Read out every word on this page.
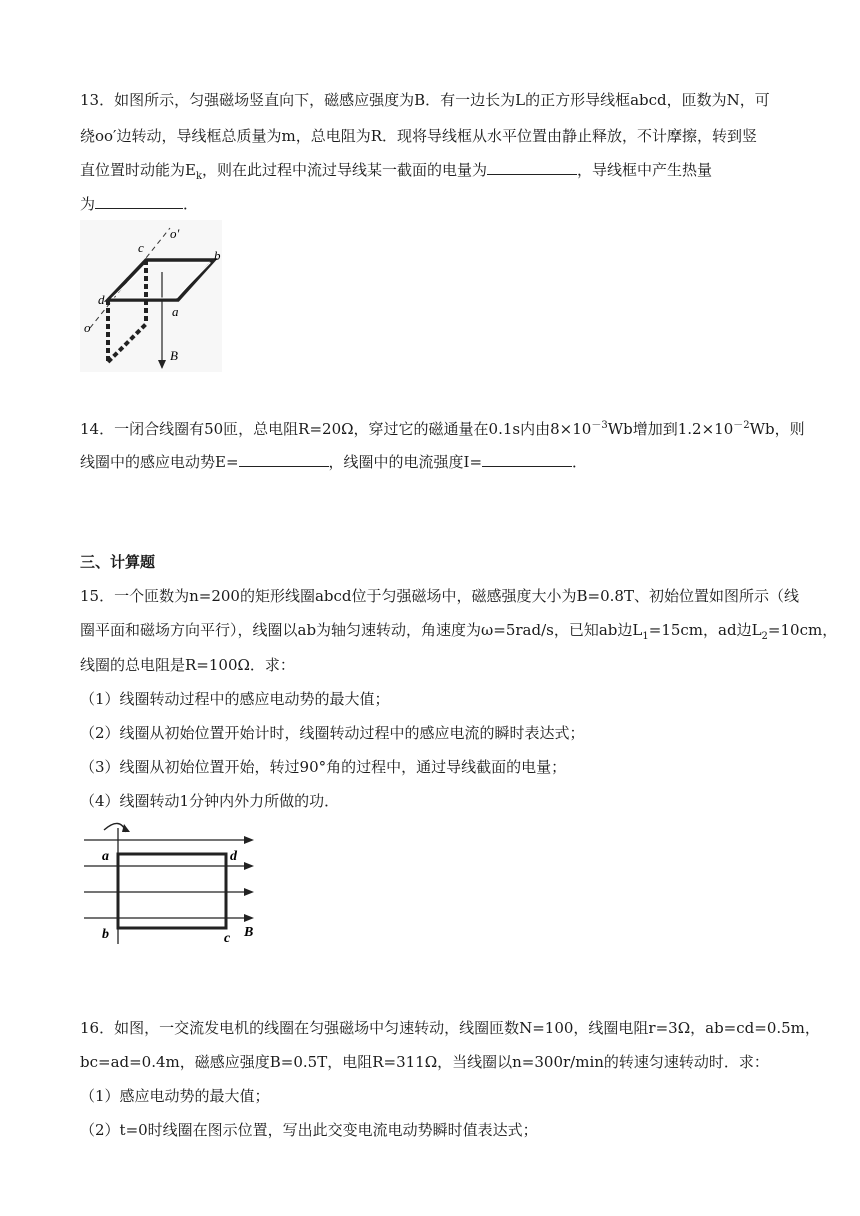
13．如图所示，匀强磁场竖直向下，磁感应强度为B．有一边长为L的正方形导线框abcd，匝数为N，可
绕oo′边转动，导线框总质量为m，总电阻为R．现将导线框从水平位置由静止释放，不计摩擦，转到竖
直位置时动能为$E_k$，则在此过程中流过导线某一截面的电量为	，导线框中产生热量
为	．
c
o′
b
d
a
o
B
14．一闭合线圈有50匝，总电阻R=20Ω，穿过它的磁通量在0.1s内由$8\times 10^{-3}Wb$增加到$1.2\times 10^{-2}Wb$，则
线圈中的感应电动势E=	，线圈中的电流强度I=	．
三、计算题
15．一个匝数为n=200的矩形线圈abcd位于匀强磁场中，磁感强度大小为B=0.8T、初始位置如图所示（线
圈平面和磁场方向平行），线圈以ab为轴匀速转动，角速度为ω=5rad/s，已知ab边$L_1=15cm$，ad边$L_2=10cm$，
线圈的总电阻是R=100Ω．求：
（1）线圈转动过程中的感应电动势的最大值；
（2）线圈从初始位置开始计时，线圈转动过程中的感应电流的瞬时表达式；
（3）线圈从初始位置开始，转过90°角的过程中，通过导线截面的电量；
（4）线圈转动1分钟内外力所做的功．
a	d
b	c B
16．如图，一交流发电机的线圈在匀强磁场中匀速转动，线圈匝数N=100，线圈电阻r=3Ω，ab=cd=0.5m，
bc=ad=0.4m，磁感应强度B=0.5T，电阻R=311Ω，当线圈以n=300r/min的转速匀速转动时．求：
（1）感应电动势的最大值；
（2）t=0时线圈在图示位置，写出此交变电流电动势瞬时值表达式；
